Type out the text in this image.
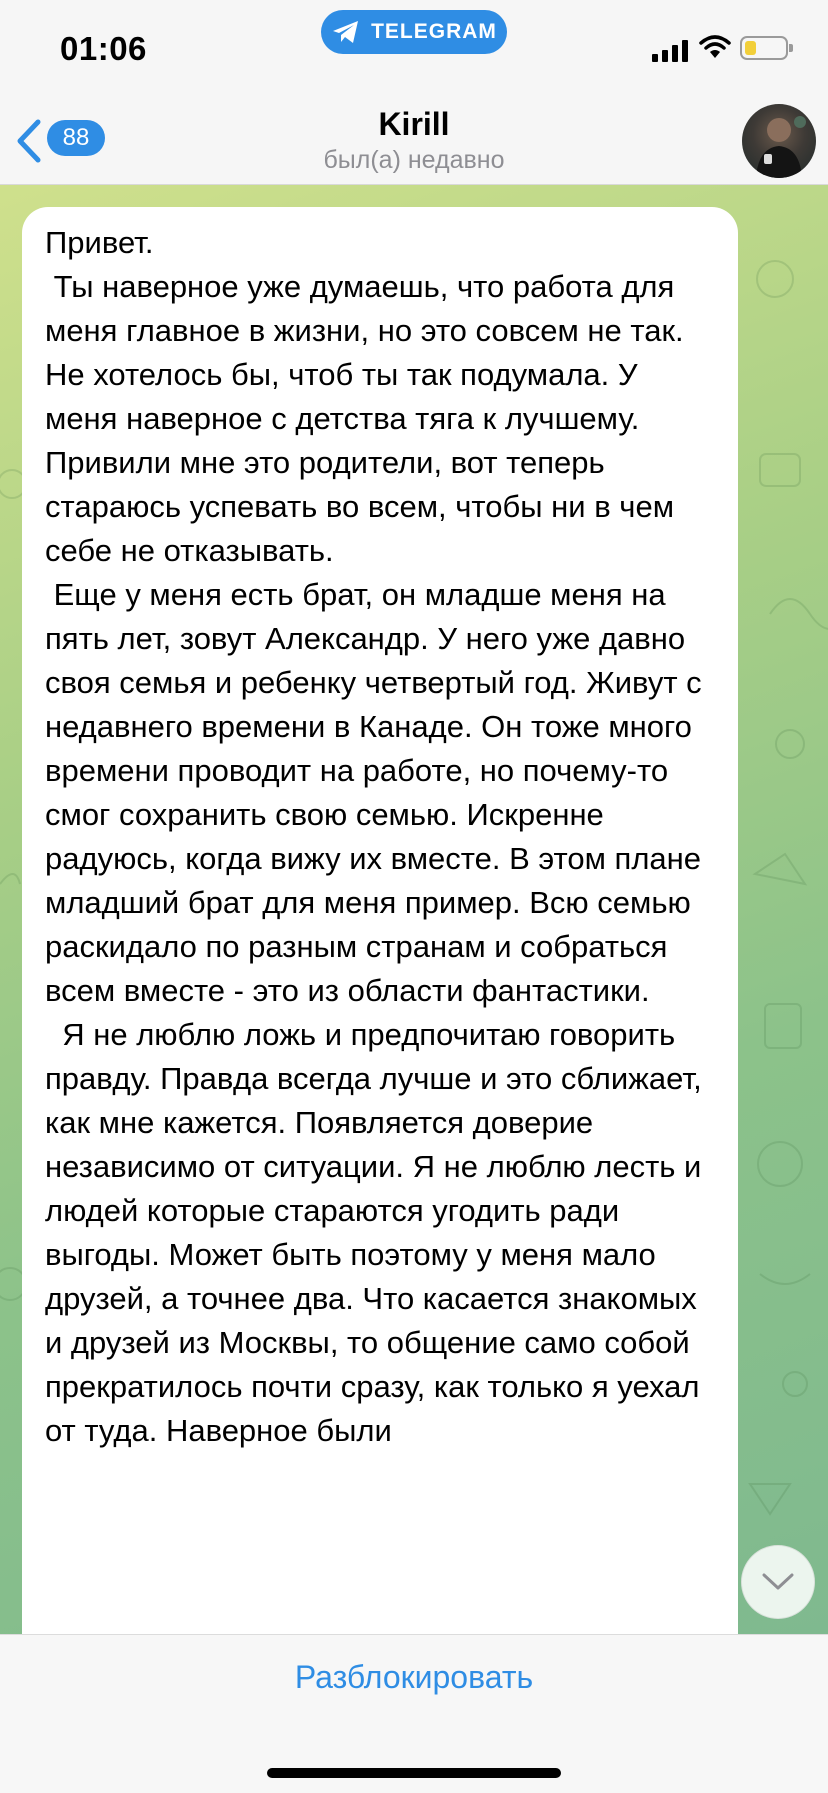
01:06	TELEGRAM
88	Kirill
был(а) недавно
Привет.
Ты наверное уже думаешь, что работа для меня главное в жизни, но это совсем не так. Не хотелось бы, чтоб ты так подумала. У меня наверное с детства тяга к лучшему. Привили мне это родители, вот теперь стараюсь успевать во всем, чтобы ни в чем себе не отказывать.
Еще у меня есть брат, он младше меня на пять лет, зовут Александр. У него уже давно своя семья и ребенку четвертый год. Живут с недавнего времени в Канаде. Он тоже много времени проводит на работе, но почему-то смог сохранить свою семью. Искренне радуюсь, когда вижу их вместе. В этом плане младший брат для меня пример. Всю семью раскидало по разным странам и собраться всем вместе - это из области фантастики.
Я не люблю ложь и предпочитаю говорить правду. Правда всегда лучше и это сближает, как мне кажется. Появляется доверие независимо от ситуации. Я не люблю лесть и людей которые стараются угодить ради выгоды. Может быть поэтому у меня мало друзей, а точнее два. Что касается знакомых и друзей из Москвы, то общение само собой прекратилось почти сразу, как только я уехал от туда. Наверное были
Разблокировать
